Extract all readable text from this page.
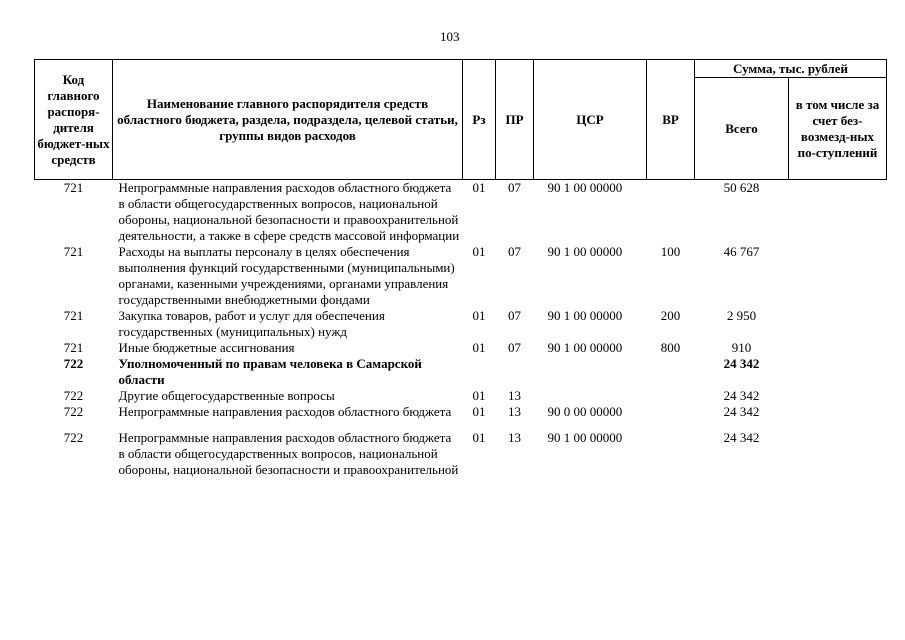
103
Код главного распоря-дителя бюджет-ных средств	Наименование главного распорядителя средств областного бюджета, раздела, подраздела, целевой статьи, группы видов расходов	Рз	ПР	ЦСР	ВР	Сумма, тыс. рублей	
						Всего	в том числе за счет без-возмезд-ных по-ступлений
721	Непрограммные направления расходов областного бюджета в области общегосударственных вопросов, национальной обороны, национальной безопасности и правоохранительной деятельности, а также в сфере средств массовой информации	01	07	90 1 00 00000		50 628	
721	Расходы на выплаты персоналу в целях обеспечения выполнения функций государственными (муниципальными) органами, казенными учреждениями, органами управления государственными внебюджетными фондами	01	07	90 1 00 00000	100	46 767	
721	Закупка товаров, работ и услуг для обеспечения государственных (муниципальных) нужд	01	07	90 1 00 00000	200	2 950	
721	Иные бюджетные ассигнования	01	07	90 1 00 00000	800	910	
722	Уполномоченный по правам человека в Самарской области					24 342	
722	Другие общегосударственные вопросы	01	13			24 342	
722	Непрограммные направления расходов областного бюджета	01	13	90 0 00 00000		24 342	
722	Непрограммные направления расходов областного бюджета в области общегосударственных вопросов, национальной обороны, национальной безопасности и правоохранительной	01	13	90 1 00 00000		24 342	
